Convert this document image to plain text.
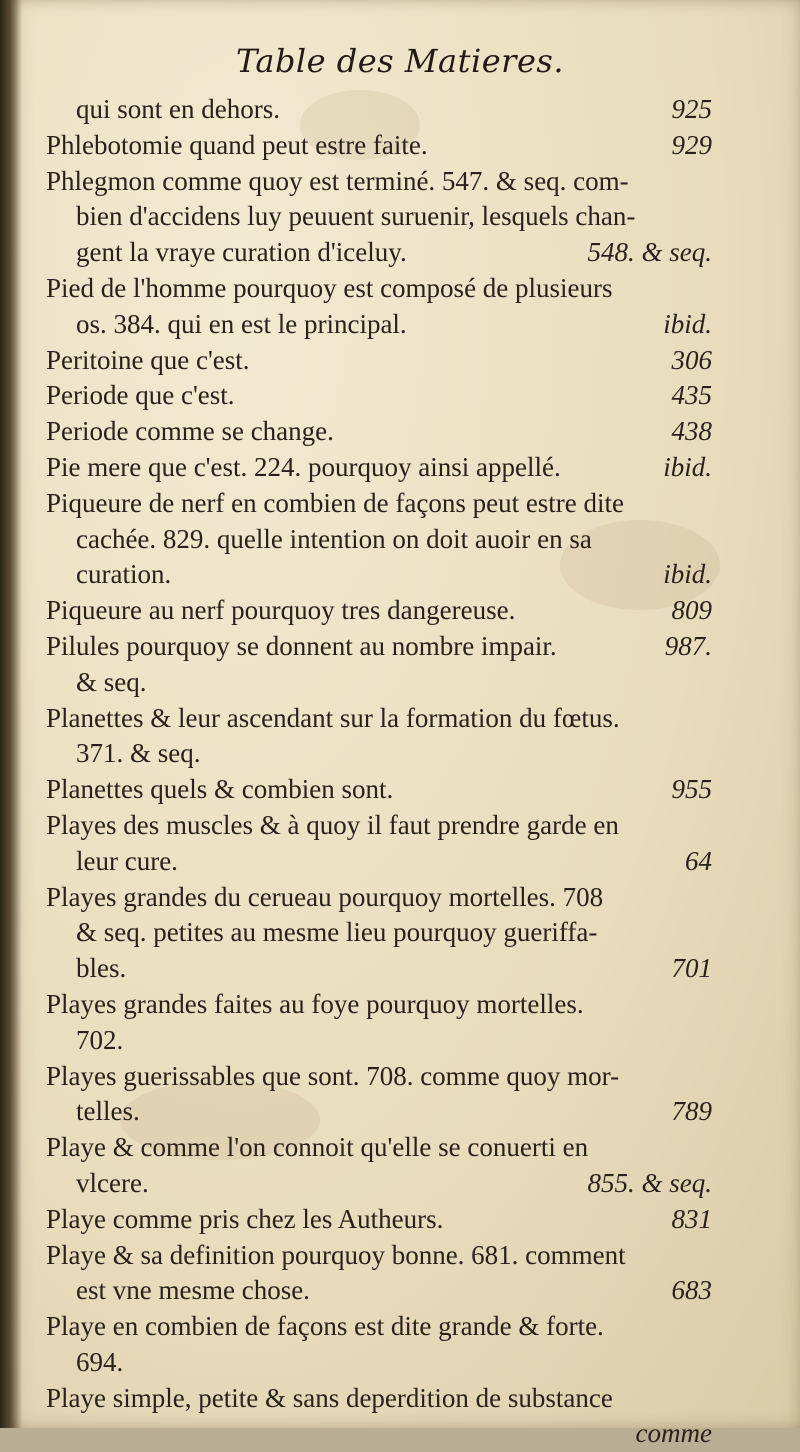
Table des Matieres.
qui sont en dehors.	925
Phlebotomie quand peut estre faite.	929
Phlegmon comme quoy est terminé. 547. & seq. com-
bien d'accidens luy peuuent suruenir, lesquels chan-
gent la vraye curation d'iceluy.	548. & seq.
Pied de l'homme pourquoy est composé de plusieurs
os. 384. qui en est le principal.	ibid.
Peritoine que c'est.	306
Periode que c'est.	435
Periode comme se change.	438
Pie mere que c'est. 224. pourquoy ainsi appellé.	ibid.
Piqueure de nerf en combien de façons peut estre dite
cachée. 829. quelle intention on doit auoir en sa
curation.	ibid.
Piqueure au nerf pourquoy tres dangereuse.	809
Pilules pourquoy se donnent au nombre impair.	987.
& seq.
Planettes & leur ascendant sur la formation du fœtus.
371. & seq.
Planettes quels & combien sont.	955
Playes des muscles & à quoy il faut prendre garde en
leur cure.	64
Playes grandes du cerueau pourquoy mortelles. 708
& seq. petites au mesme lieu pourquoy gueriffa-
bles.	701
Playes grandes faites au foye pourquoy mortelles.
702.
Playes guerissables que sont. 708. comme quoy mor-
telles.	789
Playe & comme l'on connoit qu'elle se conuerti en
vlcere.	855. & seq.
Playe comme pris chez les Autheurs.	831
Playe & sa definition pourquoy bonne. 681. comment
est vne mesme chose.	683
Playe en combien de façons est dite grande & forte.
694.
Playe simple, petite & sans deperdition de substance
comme
